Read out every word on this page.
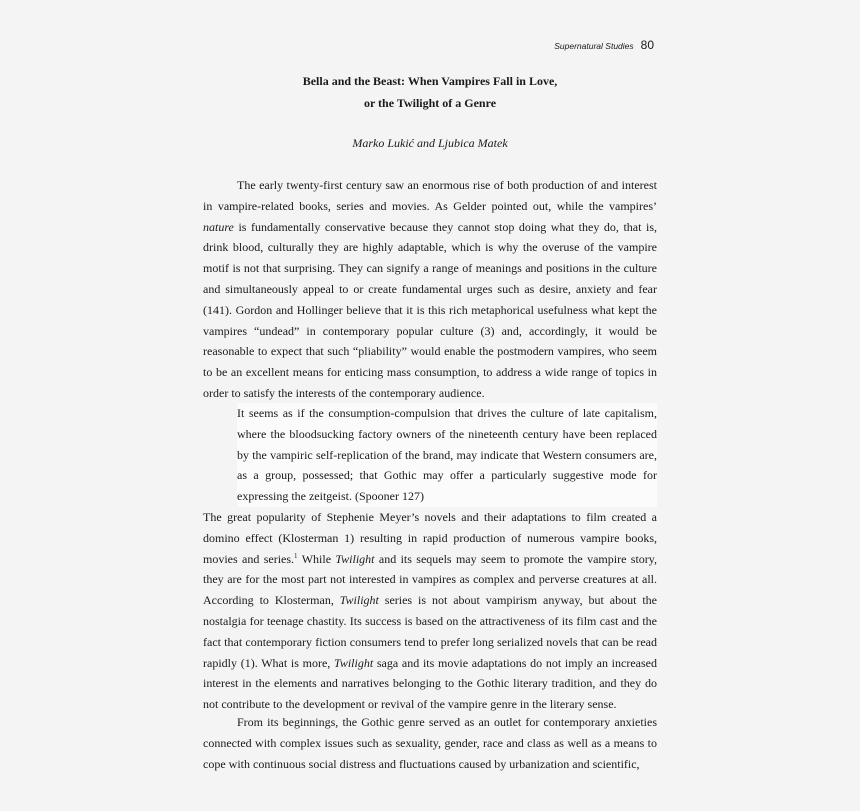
Supernatural Studies 80
Bella and the Beast: When Vampires Fall in Love,
or the Twilight of a Genre
Marko Lukić and Ljubica Matek

The early twenty-first century saw an enormous rise of both production of and interest in vampire-related books, series and movies. As Gelder pointed out, while the vampires’ nature is fundamentally conservative because they cannot stop doing what they do, that is, drink blood, culturally they are highly adaptable, which is why the overuse of the vampire motif is not that surprising. They can signify a range of meanings and positions in the culture and simultaneously appeal to or create fundamental urges such as desire, anxiety and fear (141). Gordon and Hollinger believe that it is this rich metaphorical usefulness what kept the vampires “undead” in contemporary popular culture (3) and, accordingly, it would be reasonable to expect that such “pliability” would enable the postmodern vampires, who seem to be an excellent means for enticing mass consumption, to address a wide range of topics in order to satisfy the interests of the contemporary audience.

It seems as if the consumption-compulsion that drives the culture of late capitalism, where the bloodsucking factory owners of the nineteenth century have been replaced by the vampiric self-replication of the brand, may indicate that Western consumers are, as a group, possessed; that Gothic may offer a particularly suggestive mode for expressing the zeitgeist. (Spooner 127)

The great popularity of Stephenie Meyer’s novels and their adaptations to film created a domino effect (Klosterman 1) resulting in rapid production of numerous vampire books, movies and series.$^1$ While Twilight and its sequels may seem to promote the vampire story, they are for the most part not interested in vampires as complex and perverse creatures at all. According to Klosterman, Twilight series is not about vampirism anyway, but about the nostalgia for teenage chastity. Its success is based on the attractiveness of its film cast and the fact that contemporary fiction consumers tend to prefer long serialized novels that can be read rapidly (1). What is more, Twilight saga and its movie adaptations do not imply an increased interest in the elements and narratives belonging to the Gothic literary tradition, and they do not contribute to the development or revival of the vampire genre in the literary sense.

From its beginnings, the Gothic genre served as an outlet for contemporary anxieties connected with complex issues such as sexuality, gender, race and class as well as a means to cope with continuous social distress and fluctuations caused by urbanization and scientific,
